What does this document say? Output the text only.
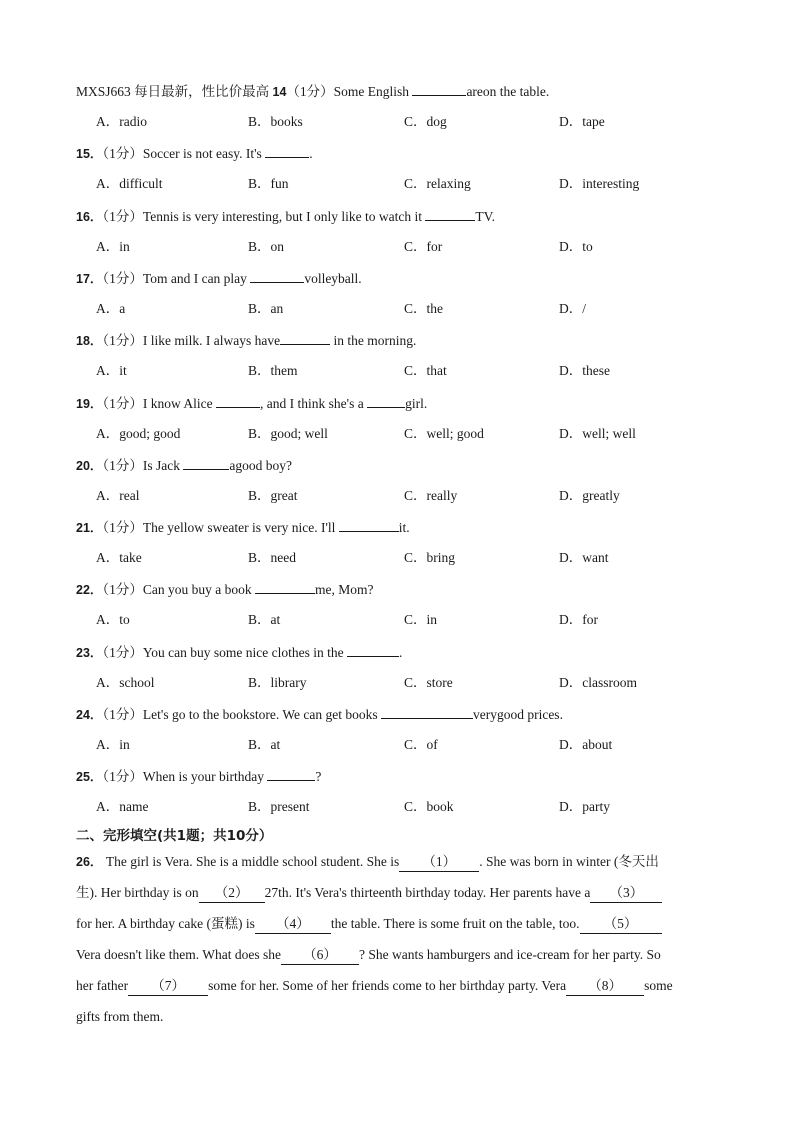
MXSJ663 每日最新，性比价最高 14（1分）Some English	areon the table.
A．radio	B．books	C．dog	D．tape
15．（1分）Soccer is not easy. It's	.
A．difficult	B．fun	C．relaxing	D．interesting
16．（1分）Tennis is very interesting, but I only like to watch it	TV.
A．in	B．on	C．for	D．to
17．（1分）Tom and I can play	volleyball.
A．a	B．an	C．the	D．/
18．（1分）I like milk. I always have	in the morning.
A．it	B．them	C．that	D．these
19．（1分）I know Alice	, and I think she's a	girl.
A．good; good	B．good; well	C．well; good	D．well; well
20．（1分）Is Jack	agood boy?
A．real	B．great	C．really	D．greatly
21．（1分）The yellow sweater is very nice. I'll	it.
A．take	B．need	C．bring	D．want
22．（1分）Can you buy a book	me, Mom?
A．to	B．at	C．in	D．for
23．（1分）You can buy some nice clothes in the	.
A．school	B．library	C．store	D．classroom
24．（1分）Let's go to the bookstore. We can get books	verygood prices.
A．in	B．at	C．of	D．about
25．（1分）When is your birthday	?
A．name	B．present	C．book	D．party
二、完形填空(共1题；共10分）
26． The girl is Vera. She is a middle school student. She is （1） . She was born in winter (冬天出
生). Her birthday is on （2） 27th. It's Vera's thirteenth birthday today. Her parents have a （3）
for her. A birthday cake (蛋糕) is （4） the table. There is some fruit on the table, too. （5）
Vera doesn't like them. What does she （6） ? She wants hamburgers and ice-cream for her party. So
her father （7） some for her. Some of her friends come to her birthday party. Vera （8） some
gifts from them.
